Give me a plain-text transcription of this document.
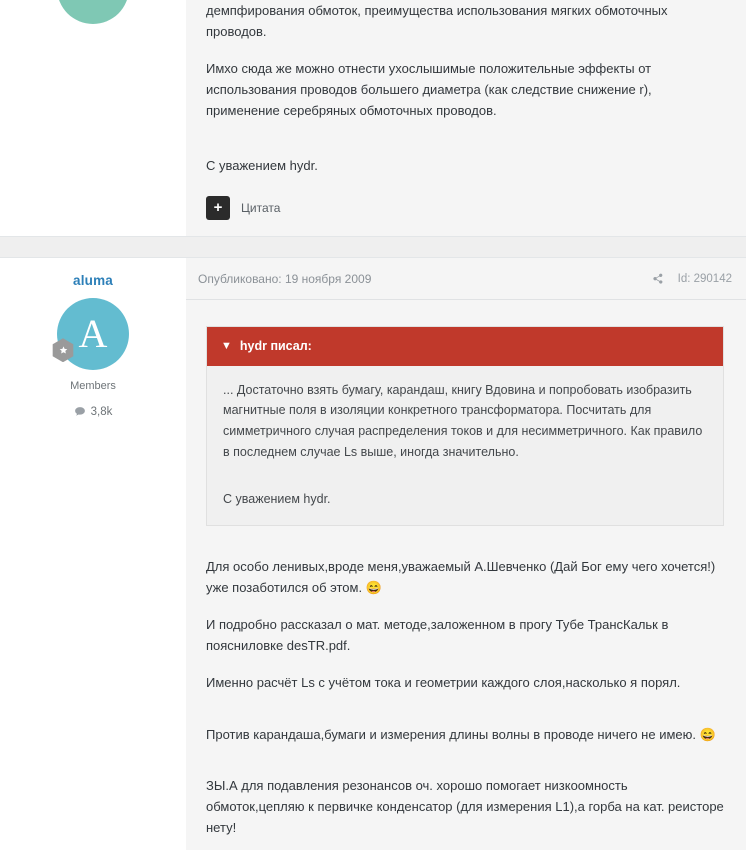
демпфирования обмоток, преимущества использования мягких обмоточных проводов.

Имхо сюда же можно отнести ухослышимые положительные эффекты от использования проводов большего диаметра (как следствие снижение r), применение серебряных обмоточных проводов.

С уважением hydr.

+	Цитата
aluma
A
Members
3,8k
Опубликовано: 19 ноября 2009	Id: 290142
▼ hydr писал:

... Достаточно взять бумагу, карандаш, книгу Вдовина и попробовать изобразить магнитные поля в изоляции конкретного трансформатора. Посчитать для симметричного случая распределения токов и для несимметричного. Как правило в последнем случае Ls выше, иногда значительно.

С уважением hydr.

Для особо ленивых,вроде меня,уважаемый А.Шевченко (Дай Бог ему чего хочется!) уже позаботился об этом. 😄

И подробно рассказал о мат. методе,заложенном в прогу Тубе ТрансКальк в поясниловке desTR.pdf.

Именно расчёт Ls с учётом тока и геометрии каждого слоя,насколько я порял.

Против карандаша,бумаги и измерения длины волны в проводе ничего не имею. 😄

ЗЫ.А для подавления резонансов оч. хорошо помогает низкоомность обмоток,цепляю к первичке конденсатор (для измерения L1),а горба на кат. реисторе нету!
